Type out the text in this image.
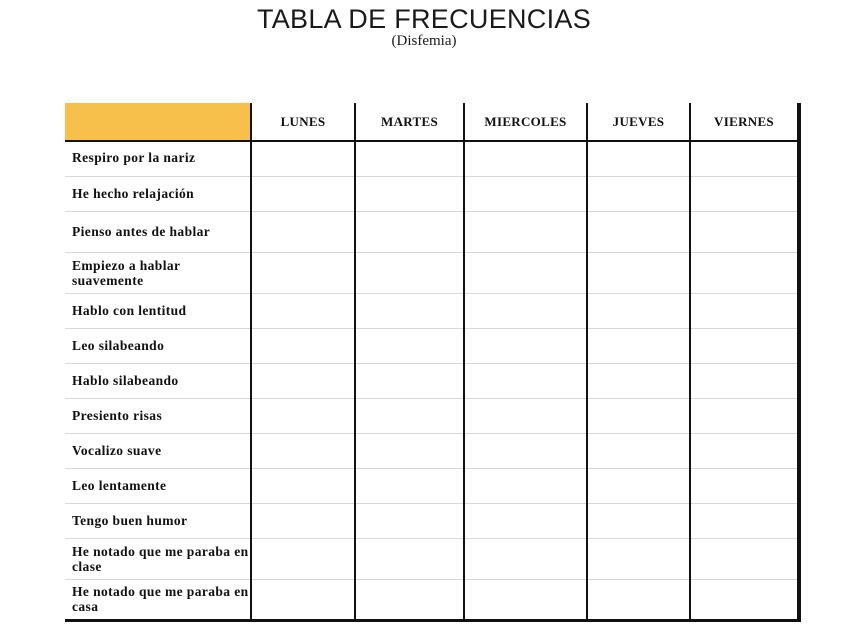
TABLA DE FRECUENCIAS
(Disfemia)
	LUNES	MARTES	MIERCOLES	JUEVES	VIERNES
Respiro por la nariz					
He hecho relajación					
Pienso antes de hablar					
Empiezo a hablar suavemente					
Hablo con lentitud					
Leo silabeando					
Hablo silabeando					
Presiento risas					
Vocalizo suave					
Leo lentamente					
Tengo buen humor					
He notado que me paraba en clase					
He notado que me paraba en casa					
